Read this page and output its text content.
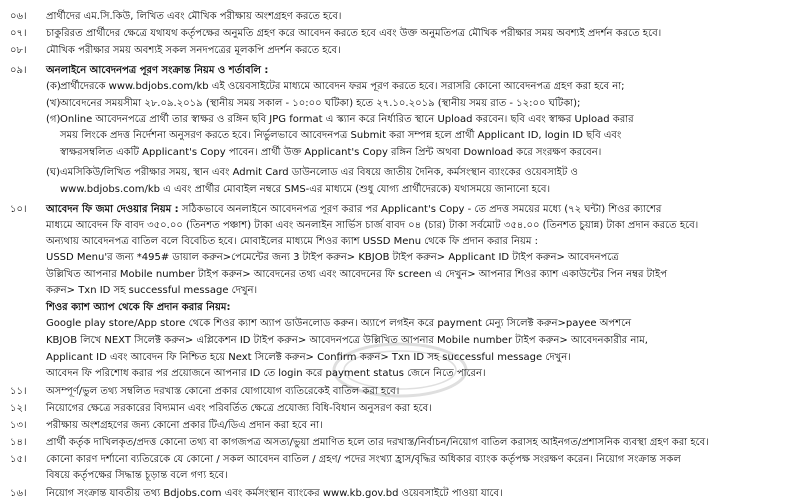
০৬।	প্রার্থীদের এম.সি.কিউ, লিখিত এবং মৌখিক পরীক্ষায় অংশগ্রহণ করতে হবে।
০৭।	চাকুরিরত প্রার্থীদের ক্ষেত্রে যথাযথ কর্তৃপক্ষের অনুমতি গ্রহণ করে আবেদন করতে হবে এবং উক্ত অনুমতিপত্র মৌখিক পরীক্ষার সময় অবশ্যই প্রদর্শন করতে হবে।
০৮।	মৌখিক পরীক্ষার সময় অবশ্যই সকল সনদপত্রের মূলকপি প্রদর্শন করতে হবে।
০৯।	অনলাইনে আবেদনপত্র পূরণ সংক্রান্ত নিয়ম ও শর্তাবলি :
(ক) প্রার্থীদেরকে www.bdjobs.com/kb এই ওয়েবসাইটের মাধ্যমে আবেদন ফরম পূরণ করতে হবে। সরাসরি কোনো আবেদনপত্র গ্রহণ করা হবে না;
(খ) আবেদনের সময়সীমা ২৮.০৯.২০১৯ (স্থানীয় সময় সকাল - ১০:০০ ঘটিকা) হতে ২৭.১০.২০১৯ (স্থানীয় সময় রাত - ১২:০০ ঘটিকা);
(গ) Online আবেদনপত্রে প্রার্থী তার স্বাক্ষর ও রঙ্গিন ছবি JPG format এ স্ক্যান করে নির্ধারিত স্থানে Upload করবেন। ছবি এবং স্বাক্ষর Upload করার
সময় লিংকে প্রদত্ত নির্দেশনা অনুসরণ করতে হবে। নির্ভুলভাবে আবেদনপত্র Submit করা সম্পন্ন হলে প্রার্থী Applicant ID, login ID ছবি এবং
স্বাক্ষরসম্বলিত একটি Applicant's Copy পাবেন। প্রার্থী উক্ত Applicant's Copy রঙ্গিন প্রিন্ট অথবা Download করে সংরক্ষণ করবেন।
(ঘ) এমসিকিউ/লিখিত পরীক্ষার সময়, স্থান এবং Admit Card ডাউনলোড এর বিষয়ে জাতীয় দৈনিক, কর্মসংস্থান ব্যাংকের ওয়েবসাইট ও
www.bdjobs.com/kb এ এবং প্রার্থীর মোবাইল নম্বরে SMS-এর মাধ্যমে (শুধু যোগ্য প্রার্থীদেরকে) যথাসময়ে জানানো হবে।
১০।	আবেদন ফি জমা দেওয়ার নিয়ম : সঠিকভাবে অনলাইনে আবেদনপত্র পূরণ করার পর Applicant's Copy - তে প্রদত্ত সময়ের মধ্যে (৭২ ঘন্টা) শিওর ক্যাশের
মাধ্যমে আবেদন ফি বাবদ ৩৫০.০০ (তিনশত পঞ্চাশ) টাকা এবং অনলাইন সার্ভিস চার্জ বাবদ ০৪ (চার) টাকা সর্বমোট ৩৫৪.০০ (তিনশত চুয়ান্ন) টাকা প্রদান করতে হবে।
অন্যথায় আবেদনপত্র বাতিল বলে বিবেচিত হবে। মোবাইলের মাধ্যমে শিওর ক্যাশ USSD Menu থেকে ফি প্রদান করার নিয়ম :
USSD Menu'র জন্য *495# ডায়াল করুন>পেমেন্টের জন্য 3 টাইপ করুন> KBJOB টাইপ করুন> Applicant ID টাইপ করুন> আবেদনপত্রে
উল্লিখিত আপনার Mobile number টাইপ করুন> আবেদনের তথ্য এবং আবেদনের ফি screen এ দেখুন> আপনার শিওর ক্যাশ একাউন্টের পিন নম্বর টাইপ
করুন> Txn ID সহ successful message দেখুন।
শিওর ক্যাশ অ্যাপ থেকে ফি প্রদান করার নিয়ম:
Google play store/App store থেকে শিওর ক্যাশ অ্যাপ ডাউনলোড করুন। অ্যাপে লগইন করে payment মেন্যু সিলেক্ট করুন>payee অপশনে
KBJOB লিখে NEXT সিলেক্ট করুন> এপ্লিকেশন ID টাইপ করুন> আবেদনপত্রে উল্লিখিত আপনার Mobile number টাইপ করুন> আবেদনকারীর নাম,
Applicant ID এবং আবেদন ফি নিশ্চিত হয়ে Next সিলেক্ট করুন> Confirm করুন> Txn ID সহ successful message দেখুন।
আবেদন ফি পরিশোধ করার পর প্রয়োজনে আপনার ID তে login করে payment status জেনে নিতে পারেন।
১১।	অসম্পূর্ণ/ভুল তথ্য সম্বলিত দরখাস্ত কোনো প্রকার যোগাযোগ ব্যতিরেকেই বাতিল করা হবে।
১২।	নিয়োগের ক্ষেত্রে সরকারের বিদ্যমান এবং পরিবর্তিত ক্ষেত্রে প্রযোজ্য বিধি-বিধান অনুসরণ করা হবে।
১৩।	পরীক্ষায় অংশগ্রহণের জন্য কোনো প্রকার টিএ/ডিএ প্রদান করা হবে না।
১৪।	প্রার্থী কর্তৃক দাখিলকৃত/প্রদত্ত কোনো তথ্য বা কাগজপত্র অসত্য/ভুয়া প্রমাণিত হলে তার দরখাস্ত/নির্বাচন/নিয়োগ বাতিল করাসহ আইনগত/প্রশাসনিক ব্যবস্থা গ্রহণ করা হবে।
১৫।	কোনো কারণ দর্শানো ব্যতিরেকে যে কোনো / সকল আবেদন বাতিল / গ্রহণ/ পদের সংখ্যা হ্রাস/বৃদ্ধির অধিকার ব্যাংক কর্তৃপক্ষ সংরক্ষণ করেন। নিয়োগ সংক্রান্ত সকল
বিষয়ে কর্তৃপক্ষের সিদ্ধান্ত চূড়ান্ত বলে গণ্য হবে।
১৬।	নিয়োগ সংক্রান্ত যাবতীয় তথ্য Bdjobs.com এবং কর্মসংস্থান ব্যাংকের www.kb.gov.bd ওয়েবসাইটে পাওয়া যাবে।
